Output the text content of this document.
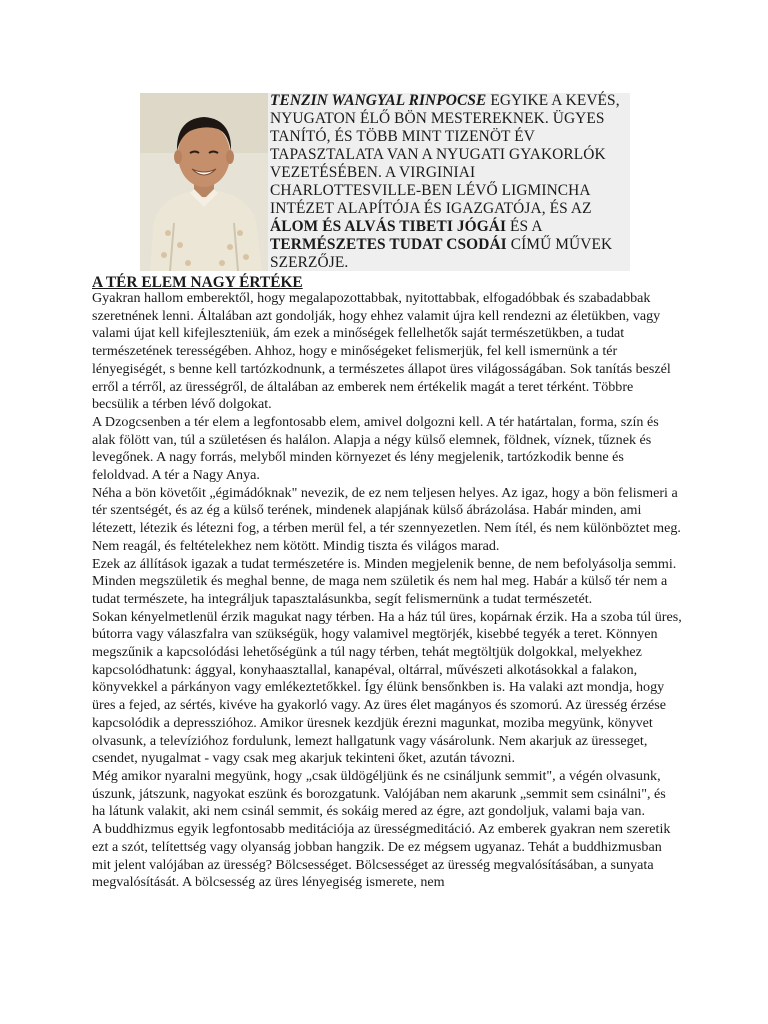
TENZIN WANGYAL RINPOCSE EGYIKE A KEVÉS, NYUGATON ÉLŐ BÖN MESTEREKNEK. ÜGYES TANÍTÓ, ÉS TÖBB MINT TIZENÖT ÉV TAPASZTALATA VAN A NYUGATI GYAKORLÓK VEZETÉSÉBEN. A VIRGINIAI CHARLOTTESVILLE-BEN LÉVŐ LIGMINCHA INTÉZET ALAPÍTÓJA ÉS IGAZGATÓJA, ÉS AZ ÁLOM ÉS ALVÁS TIBETI JÓGÁI ÉS A TERMÉSZETES TUDAT CSODÁI CÍMŰ MŰVEK SZERZŐJE.
A TÉR ELEM NAGY ÉRTÉKE

Gyakran hallom emberektől, hogy megalapozottabbak, nyitottabbak, elfogadóbbak és szabadabbak szeretnének lenni. Általában azt gondolják, hogy ehhez valamit újra kell rendezni az életükben, vagy valami újat kell kifejleszteniük, ám ezek a minőségek fellelhetők saját természetükben, a tudat természetének terességében. Ahhoz, hogy e minőségeket felismerjük, fel kell ismernünk a tér lényegiségét, s benne kell tartózkodnunk, a természetes állapot üres világosságában. Sok tanítás beszél erről a térről, az ürességről, de általában az emberek nem értékelik magát a teret térként. Többre becsülik a térben lévő dolgokat.

A Dzogcsenben a tér elem a legfontosabb elem, amivel dolgozni kell. A tér határtalan, forma, szín és alak fölött van, túl a születésen és halálon. Alapja a négy külső elemnek, földnek, víznek, tűznek és levegőnek. A nagy forrás, melyből minden környezet és lény megjelenik, tartózkodik benne és feloldvad. A tér a Nagy Anya.

Néha a bön követőit „égimádóknak" nevezik, de ez nem teljesen helyes. Az igaz, hogy a bön felismeri a tér szentségét, és az ég a külső terének, mindenek alapjának külső ábrázolása. Habár minden, ami létezett, létezik és létezni fog, a térben merül fel, a tér szennyezetlen. Nem ítél, és nem különböztet meg. Nem reagál, és feltételekhez nem kötött. Mindig tiszta és világos marad.

Ezek az állítások igazak a tudat természetére is. Minden megjelenik benne, de nem befolyásolja semmi. Minden megszületik és meghal benne, de maga nem születik és nem hal meg. Habár a külső tér nem a tudat természete, ha integráljuk tapasztalásunkba, segít felismernünk a tudat természetét.

Sokan kényelmetlenül érzik magukat nagy térben. Ha a ház túl üres, kopárnak érzik. Ha a szoba túl üres, bútorra vagy válaszfalra van szükségük, hogy valamivel megtörjék, kisebbé tegyék a teret. Könnyen megszűnik a kapcsolódási lehetőségünk a túl nagy térben, tehát megtöltjük dolgokkal, melyekhez kapcsolódhatunk: ággyal, konyhaasztallal, kanapéval, oltárral, művészeti alkotásokkal a falakon, könyvekkel a párkányon vagy emlékeztetőkkel. Így élünk bensőnkben is. Ha valaki azt mondja, hogy üres a fejed, az sértés, kivéve ha gyakorló vagy. Az üres élet magányos és szomorú. Az üresség érzése kapcsolódik a depresszióhoz. Amikor üresnek kezdjük érezni magunkat, moziba megyünk, könyvet olvasunk, a televízióhoz fordulunk, lemezt hallgatunk vagy vásárolunk. Nem akarjuk az üresseget, csendet, nyugalmat - vagy csak meg akarjuk tekinteni őket, azután távozni.

Még amikor nyaralni megyünk, hogy „csak üldögéljünk és ne csináljunk semmit", a végén olvasunk, úszunk, játszunk, nagyokat eszünk és borozgatunk. Valójában nem akarunk „semmit sem csinálni", és ha látunk valakit, aki nem csinál semmit, és sokáig mered az égre, azt gondoljuk, valami baja van.

A buddhizmus egyik legfontosabb meditációja az ürességmeditáció. Az emberek gyakran nem szeretik ezt a szót, telítettség vagy olyanság jobban hangzik. De ez mégsem ugyanaz. Tehát a buddhizmusban mit jelent valójában az üresség? Bölcsességet. Bölcsességet az üresség megvalósításában, a sunyata megvalósítását. A bölcsesség az üres lényegiség ismerete, nem
